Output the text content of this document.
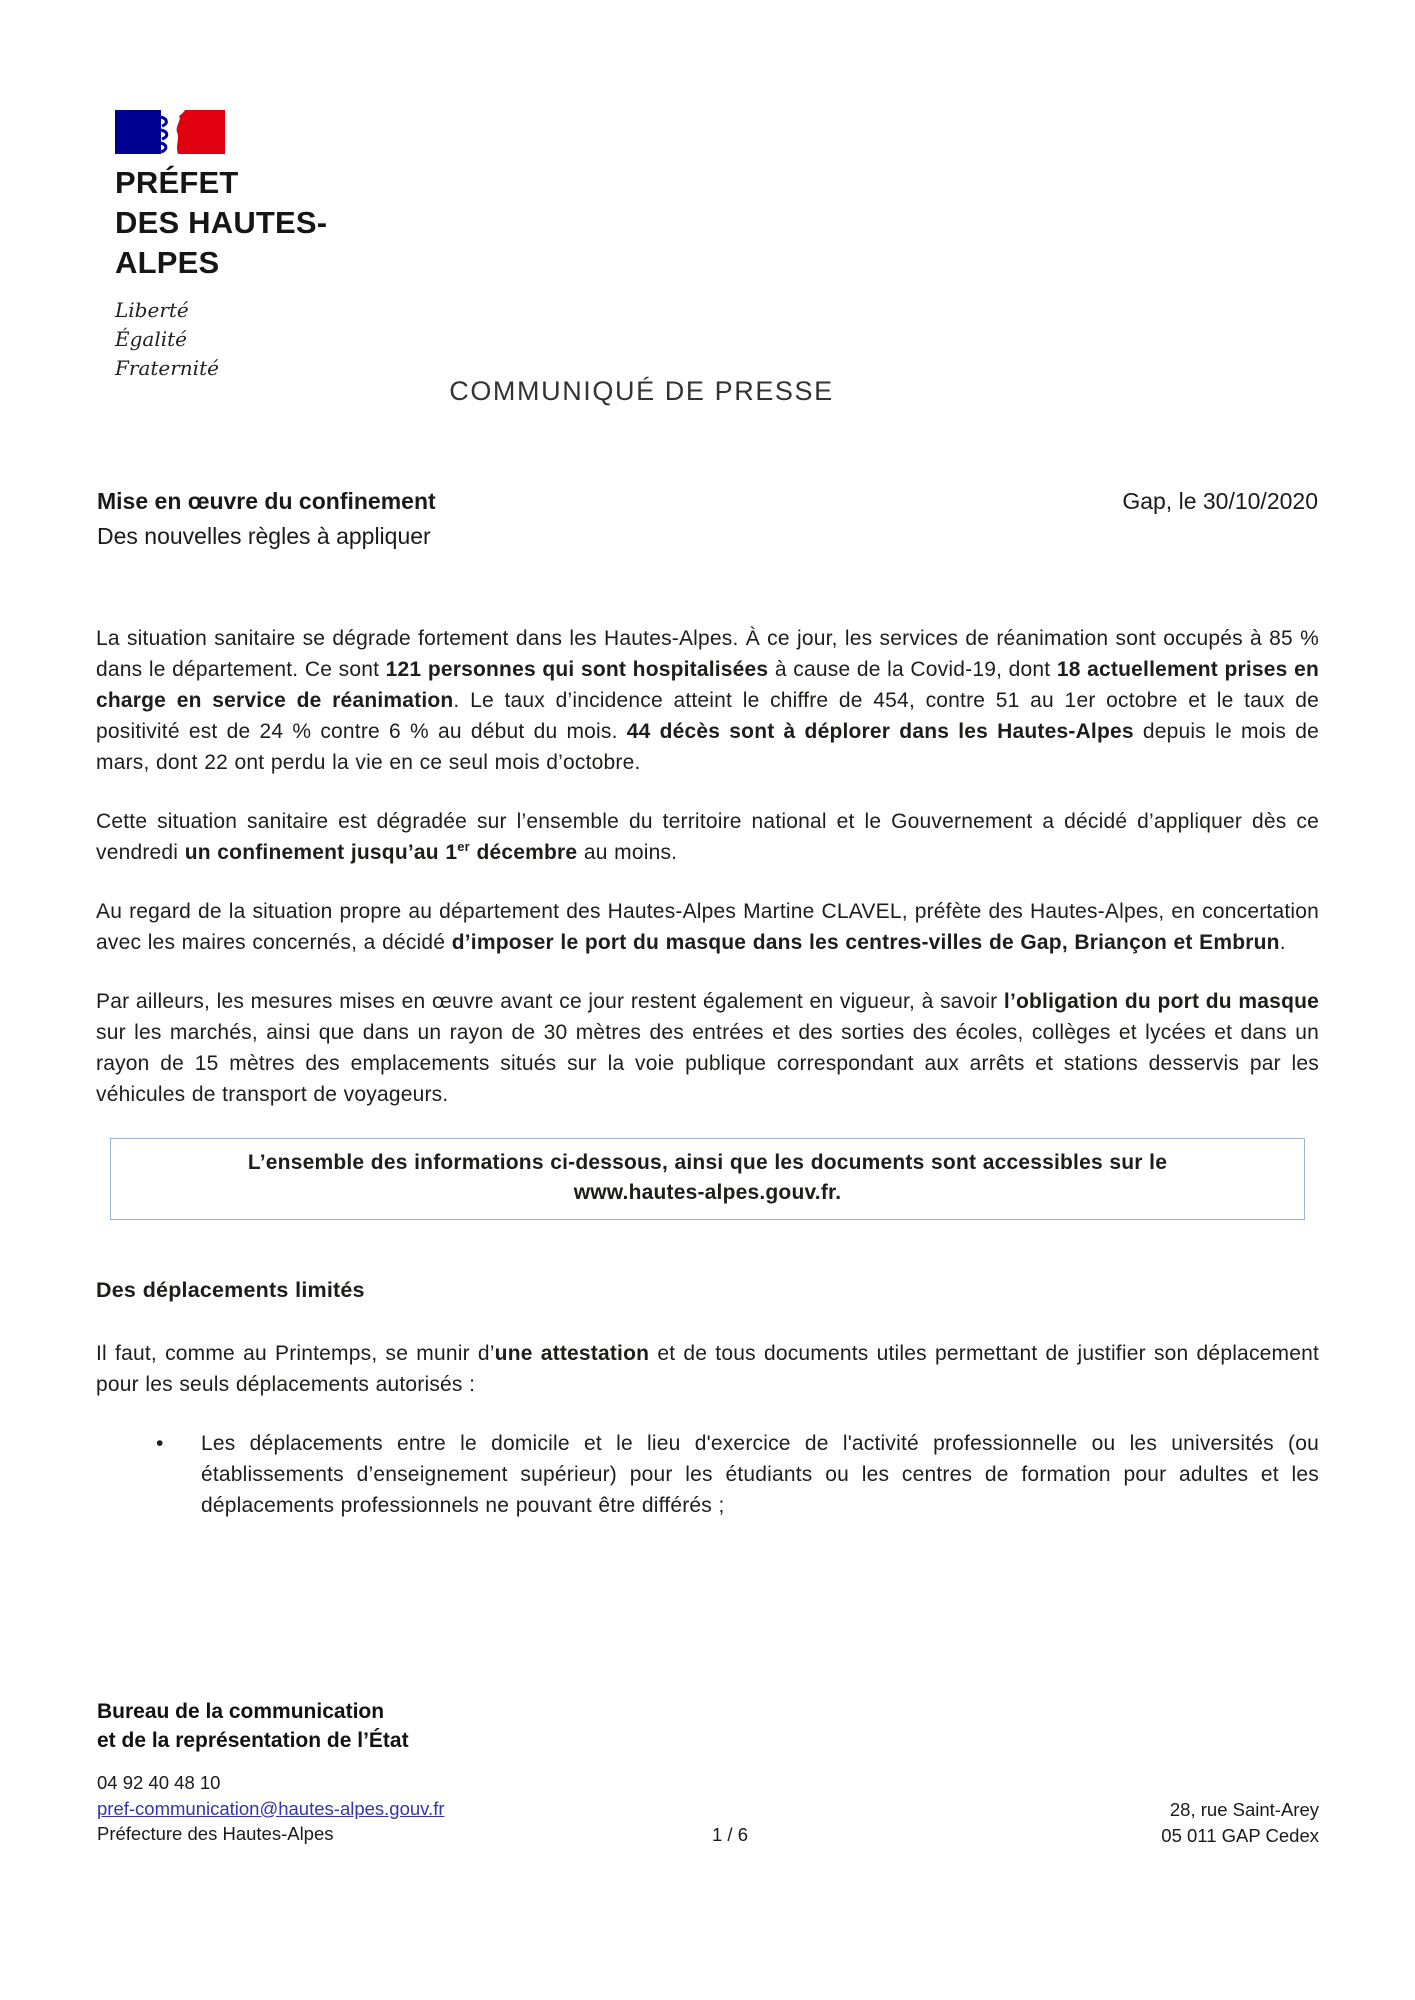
PRÉFET
DES HAUTES-
ALPES
Liberté
Égalité
Fraternité
COMMUNIQUÉ DE PRESSE
Mise en œuvre du confinement
Des nouvelles règles à appliquer
Gap, le 30/10/2020

La situation sanitaire se dégrade fortement dans les Hautes-Alpes. À ce jour, les services de réanimation sont occupés à 85 % dans le département. Ce sont 121 personnes qui sont hospitalisées à cause de la Covid-19, dont 18 actuellement prises en charge en service de réanimation. Le taux d’incidence atteint le chiffre de 454, contre 51 au 1er octobre et le taux de positivité est de 24 % contre 6 % au début du mois. 44 décès sont à déplorer dans les Hautes-Alpes depuis le mois de mars, dont 22 ont perdu la vie en ce seul mois d’octobre.

Cette situation sanitaire est dégradée sur l’ensemble du territoire national et le Gouvernement a décidé d’appliquer dès ce vendredi un confinement jusqu’au 1er décembre au moins.

Au regard de la situation propre au département des Hautes-Alpes Martine CLAVEL, préfète des Hautes-Alpes, en concertation avec les maires concernés, a décidé d’imposer le port du masque dans les centres-villes de Gap, Briançon et Embrun.

Par ailleurs, les mesures mises en œuvre avant ce jour restent également en vigueur, à savoir l’obligation du port du masque sur les marchés, ainsi que dans un rayon de 30 mètres des entrées et des sorties des écoles, collèges et lycées et dans un rayon de 15 mètres des emplacements situés sur la voie publique correspondant aux arrêts et stations desservis par les véhicules de transport de voyageurs.

L’ensemble des informations ci-dessous, ainsi que les documents sont accessibles sur le
www.hautes-alpes.gouv.fr.
Des déplacements limités

Il faut, comme au Printemps, se munir d’une attestation et de tous documents utiles permettant de justifier son déplacement pour les seuls déplacements autorisés :

• Les déplacements entre le domicile et le lieu d'exercice de l'activité professionnelle ou les universités (ou établissements d’enseignement supérieur) pour les étudiants ou les centres de formation pour adultes et les déplacements professionnels ne pouvant être différés ;
Bureau de la communication
et de la représentation de l’État
04 92 40 48 10
pref-communication@hautes-alpes.gouv.fr
Préfecture des Hautes-Alpes	1 / 6
28, rue Saint-Arey
05 011 GAP Cedex
